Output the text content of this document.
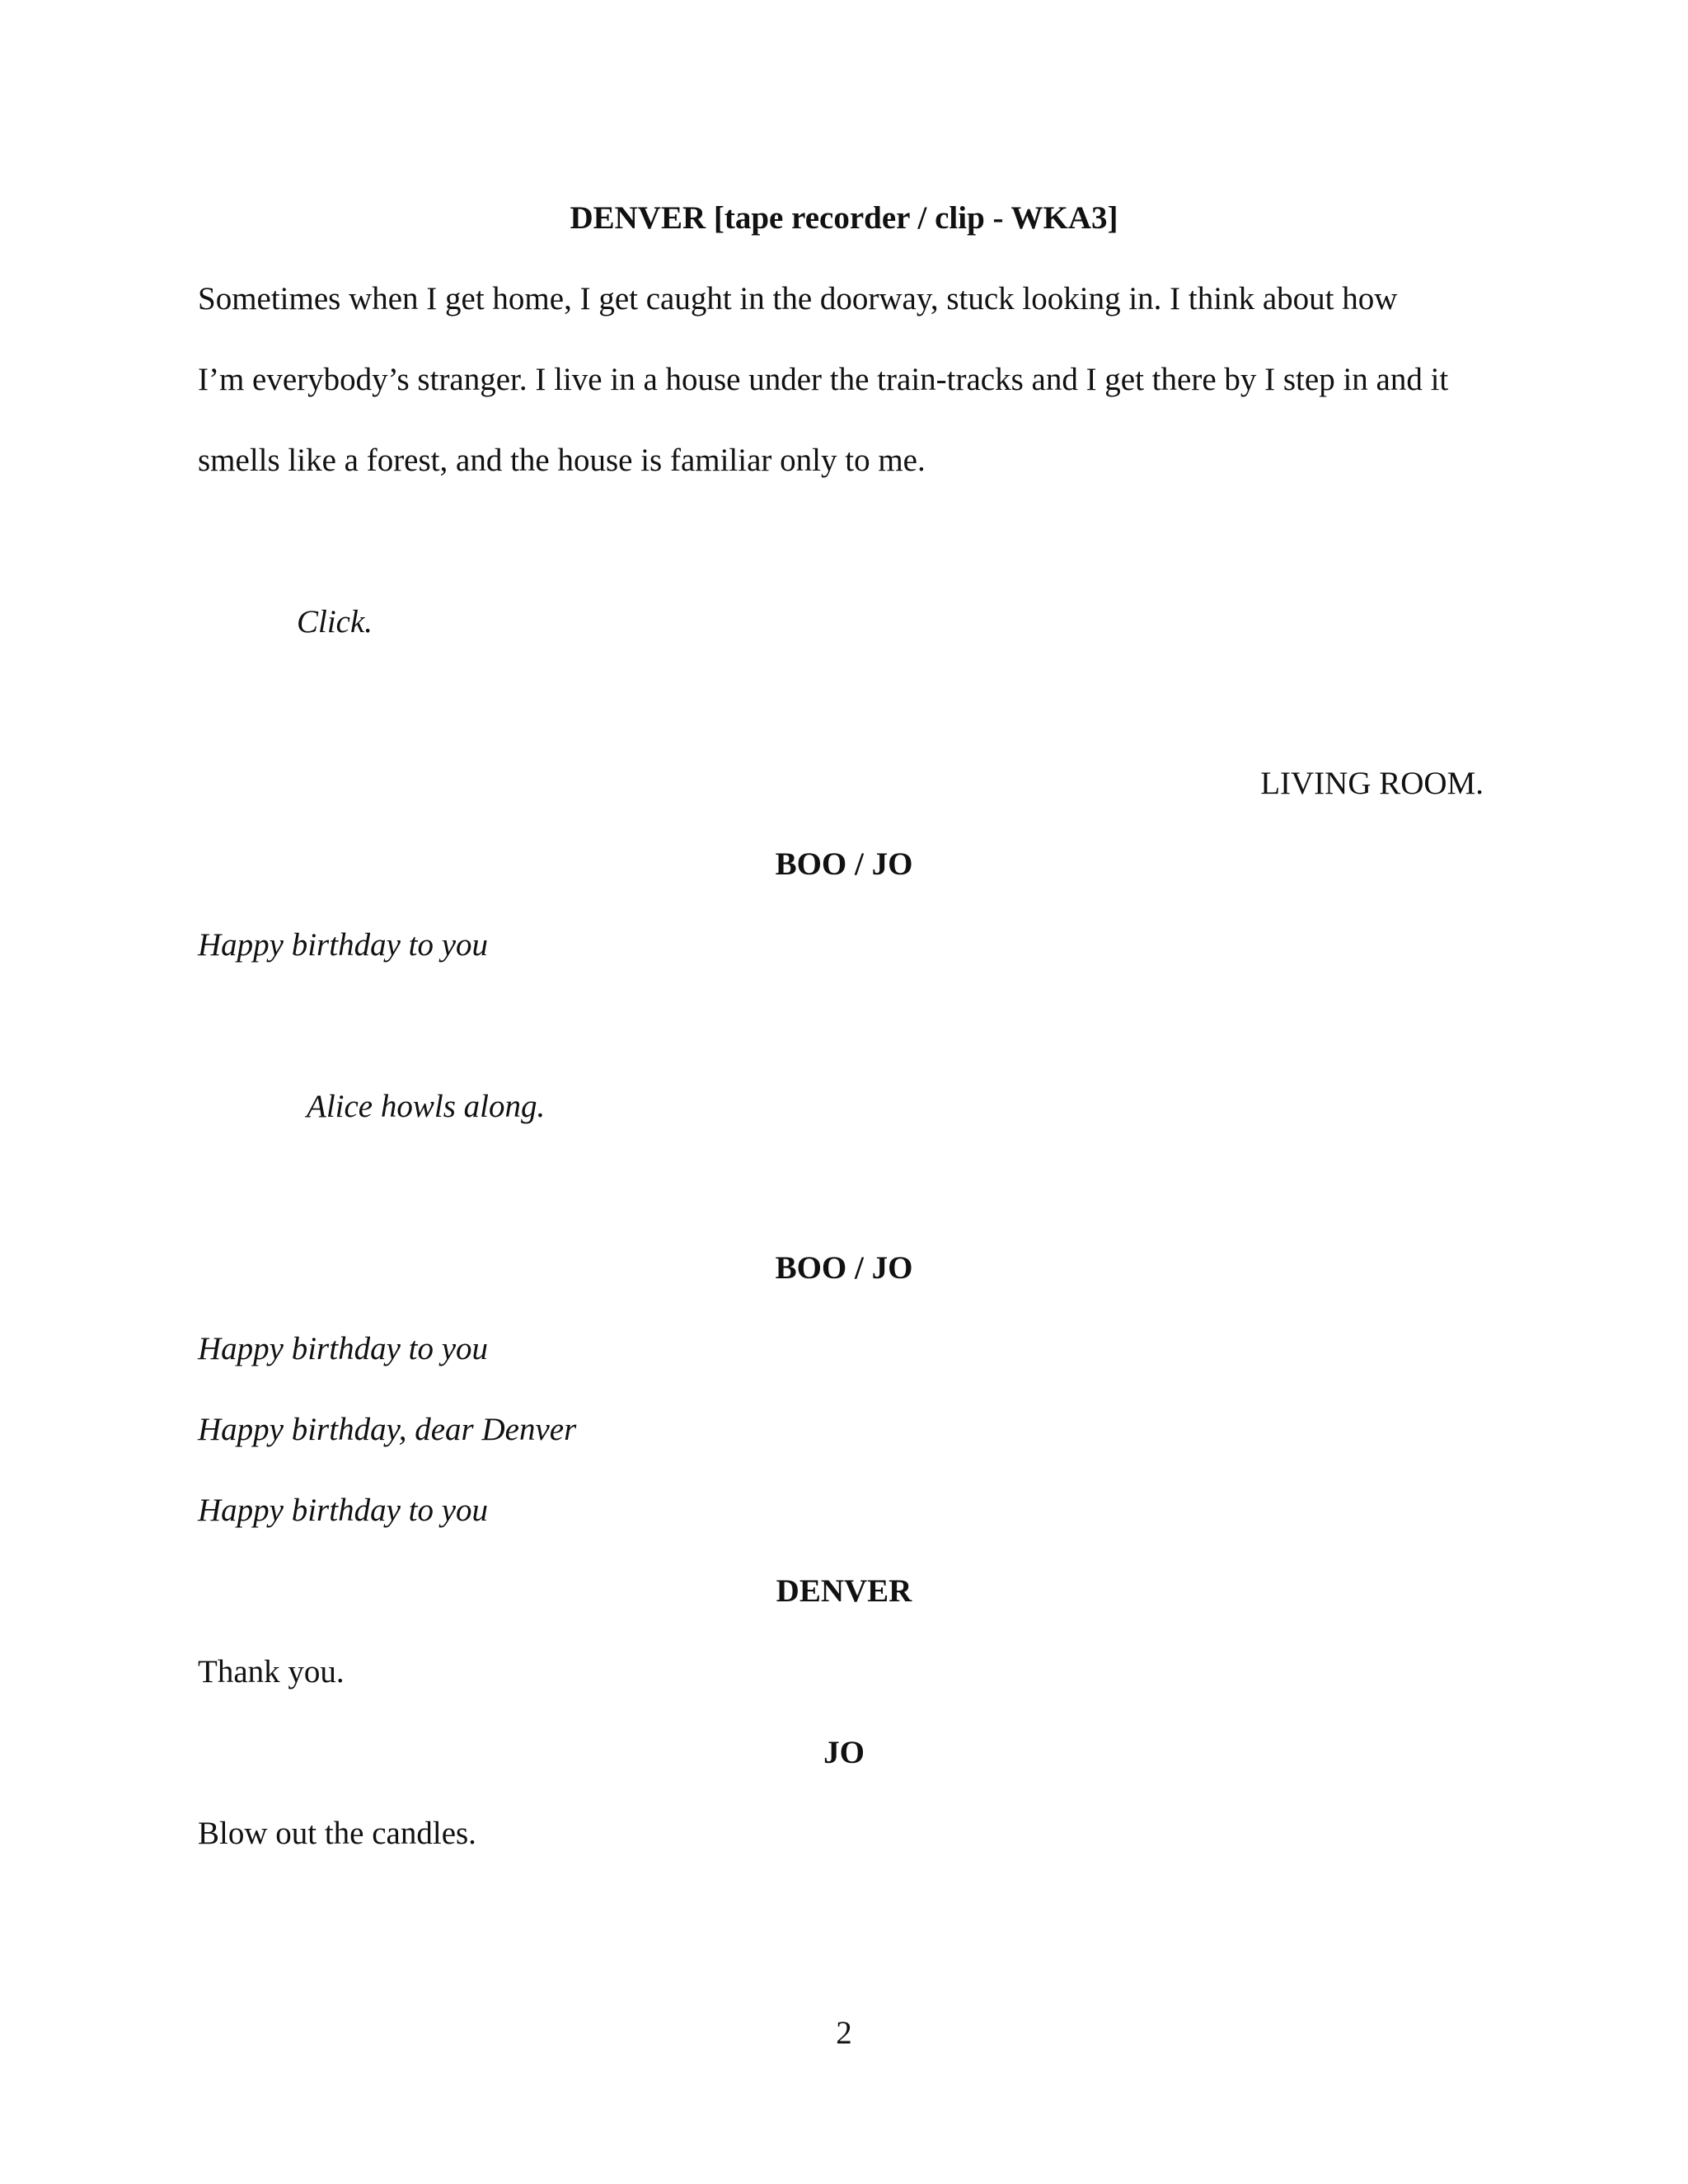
DENVER [tape recorder / clip - WKA3]
Sometimes when I get home, I get caught in the doorway, stuck looking in. I think about how
I’m everybody’s stranger. I live in a house under the train-tracks and I get there by I step in and it
smells like a forest, and the house is familiar only to me.
Click.
LIVING ROOM.
BOO / JO
Happy birthday to you
Alice howls along.
BOO / JO
Happy birthday to you
Happy birthday, dear Denver
Happy birthday to you
DENVER
Thank you.
JO
Blow out the candles.
2
